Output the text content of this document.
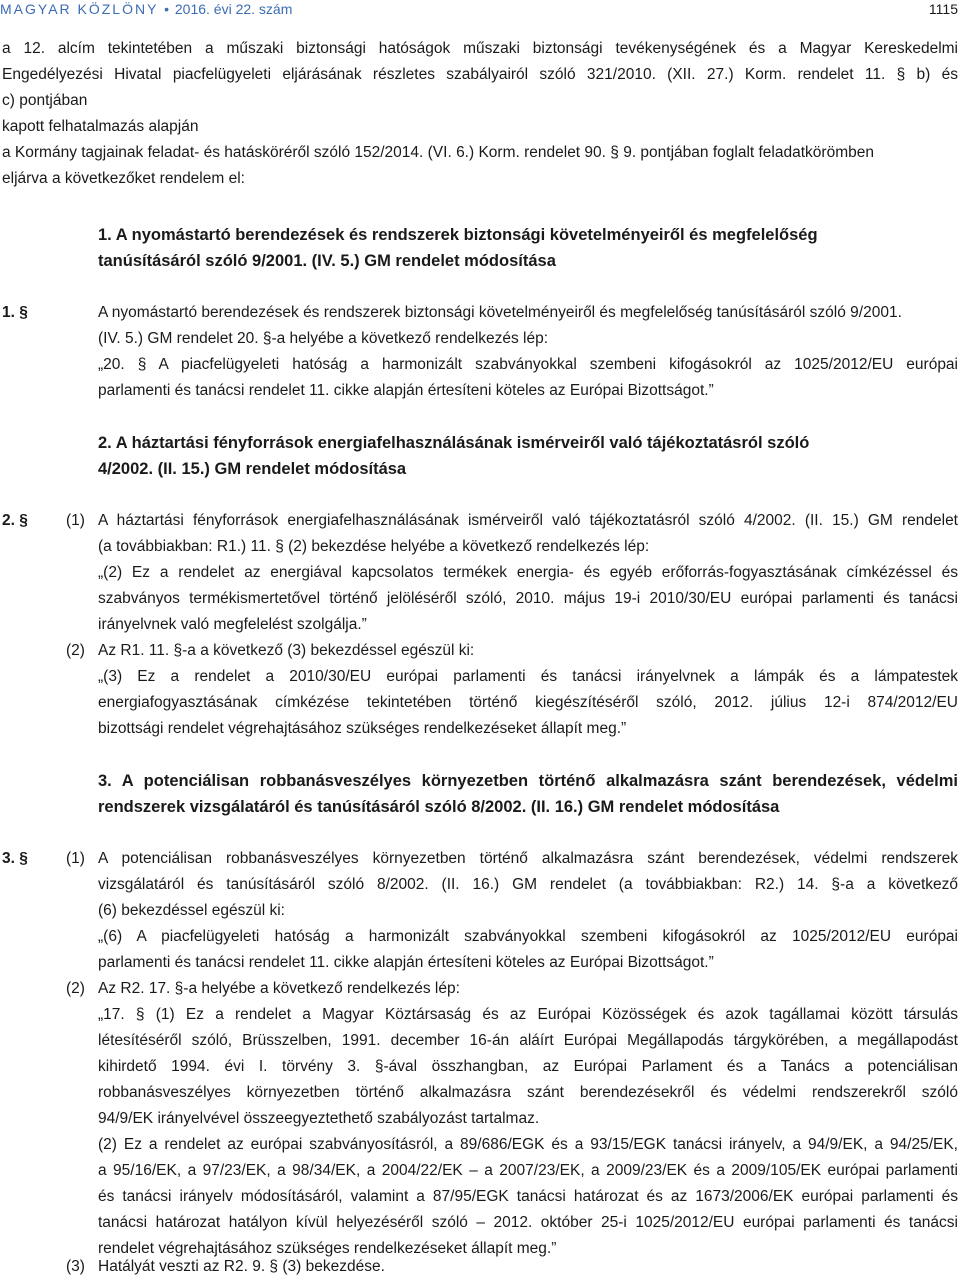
MAGYAR KÖZLÖNY • 2016. évi 22. szám	1115
a 12. alcím tekintetében a műszaki biztonsági hatóságok műszaki biztonsági tevékenységének és a Magyar Kereskedelmi
Engedélyezési Hivatal piacfelügyeleti eljárásának részletes szabályairól szóló 321/2010. (XII. 27.) Korm. rendelet 11. § b) és
c) pontjában
kapott felhatalmazás alapján
a Kormány tagjainak feladat- és hatásköréről szóló 152/2014. (VI. 6.) Korm. rendelet 90. § 9. pontjában foglalt feladatkörömben
eljárva a következőket rendelem el:
1. A nyomástartó berendezések és rendszerek biztonsági követelményeiről és megfelelőség
tanúsításáról szóló 9/2001. (IV. 5.) GM rendelet módosítása
1. §	A nyomástartó berendezések és rendszerek biztonsági követelményeiről és megfelelőség tanúsításáról szóló 9/2001.
(IV. 5.) GM rendelet 20. §-a helyébe a következő rendelkezés lép:
„20. § A piacfelügyeleti hatóság a harmonizált szabványokkal szembeni kifogásokról az 1025/2012/EU európai
parlamenti és tanácsi rendelet 11. cikke alapján értesíteni köteles az Európai Bizottságot.”
2. A háztartási fényforrások energiafelhasználásának ismérveiről való tájékoztatásról szóló
4/2002. (II. 15.) GM rendelet módosítása
2. § (1) A háztartási fényforrások energiafelhasználásának ismérveiről való tájékoztatásról szóló 4/2002. (II. 15.) GM rendelet
(a továbbiakban: R1.) 11. § (2) bekezdése helyébe a következő rendelkezés lép:
„(2) Ez a rendelet az energiával kapcsolatos termékek energia- és egyéb erőforrás-fogyasztásának címkézéssel és
szabványos termékismertetővel történő jelöléséről szóló, 2010. május 19-i 2010/30/EU európai parlamenti és tanácsi
irányelvnek való megfelelést szolgálja.”
(2) Az R1. 11. §-a a következő (3) bekezdéssel egészül ki:
„(3) Ez a rendelet a 2010/30/EU európai parlamenti és tanácsi irányelvnek a lámpák és a lámpatestek
energiafogyasztásának címkézése tekintetében történő kiegészítéséről szóló, 2012. július 12-i 874/2012/EU
bizottsági rendelet végrehajtásához szükséges rendelkezéseket állapít meg.”
3. A potenciálisan robbanásveszélyes környezetben történő alkalmazásra szánt berendezések, védelmi
rendszerek vizsgálatáról és tanúsításáról szóló 8/2002. (II. 16.) GM rendelet módosítása
3. § (1) A potenciálisan robbanásveszélyes környezetben történő alkalmazásra szánt berendezések, védelmi rendszerek
vizsgálatáról és tanúsításáról szóló 8/2002. (II. 16.) GM rendelet (a továbbiakban: R2.) 14. §-a a következő
(6) bekezdéssel egészül ki:
„(6) A piacfelügyeleti hatóság a harmonizált szabványokkal szembeni kifogásokról az 1025/2012/EU európai
parlamenti és tanácsi rendelet 11. cikke alapján értesíteni köteles az Európai Bizottságot.”
(2) Az R2. 17. §-a helyébe a következő rendelkezés lép:
„17. § (1) Ez a rendelet a Magyar Köztársaság és az Európai Közösségek és azok tagállamai között társulás
létesítéséről szóló, Brüsszelben, 1991. december 16-án aláírt Európai Megállapodás tárgykörében, a megállapodást
kihirdető 1994. évi I. törvény 3. §-ával összhangban, az Európai Parlament és a Tanács a potenciálisan
robbanásveszélyes környezetben történő alkalmazásra szánt berendezésekről és védelmi rendszerekről szóló
94/9/EK irányelvével összeegyeztethető szabályozást tartalmaz.
(2) Ez a rendelet az európai szabványosításról, a 89/686/EGK és a 93/15/EGK tanácsi irányelv, a 94/9/EK, a 94/25/EK,
a 95/16/EK, a 97/23/EK, a 98/34/EK, a 2004/22/EK – a 2007/23/EK, a 2009/23/EK és a 2009/105/EK európai parlamenti
és tanácsi irányelv módosításáról, valamint a 87/95/EGK tanácsi határozat és az 1673/2006/EK európai parlamenti és
tanácsi határozat hatályon kívül helyezéséről szóló – 2012. október 25-i 1025/2012/EU európai parlamenti és tanácsi
rendelet végrehajtásához szükséges rendelkezéseket állapít meg.”
(3) Hatályát veszti az R2. 9. § (3) bekezdése.
